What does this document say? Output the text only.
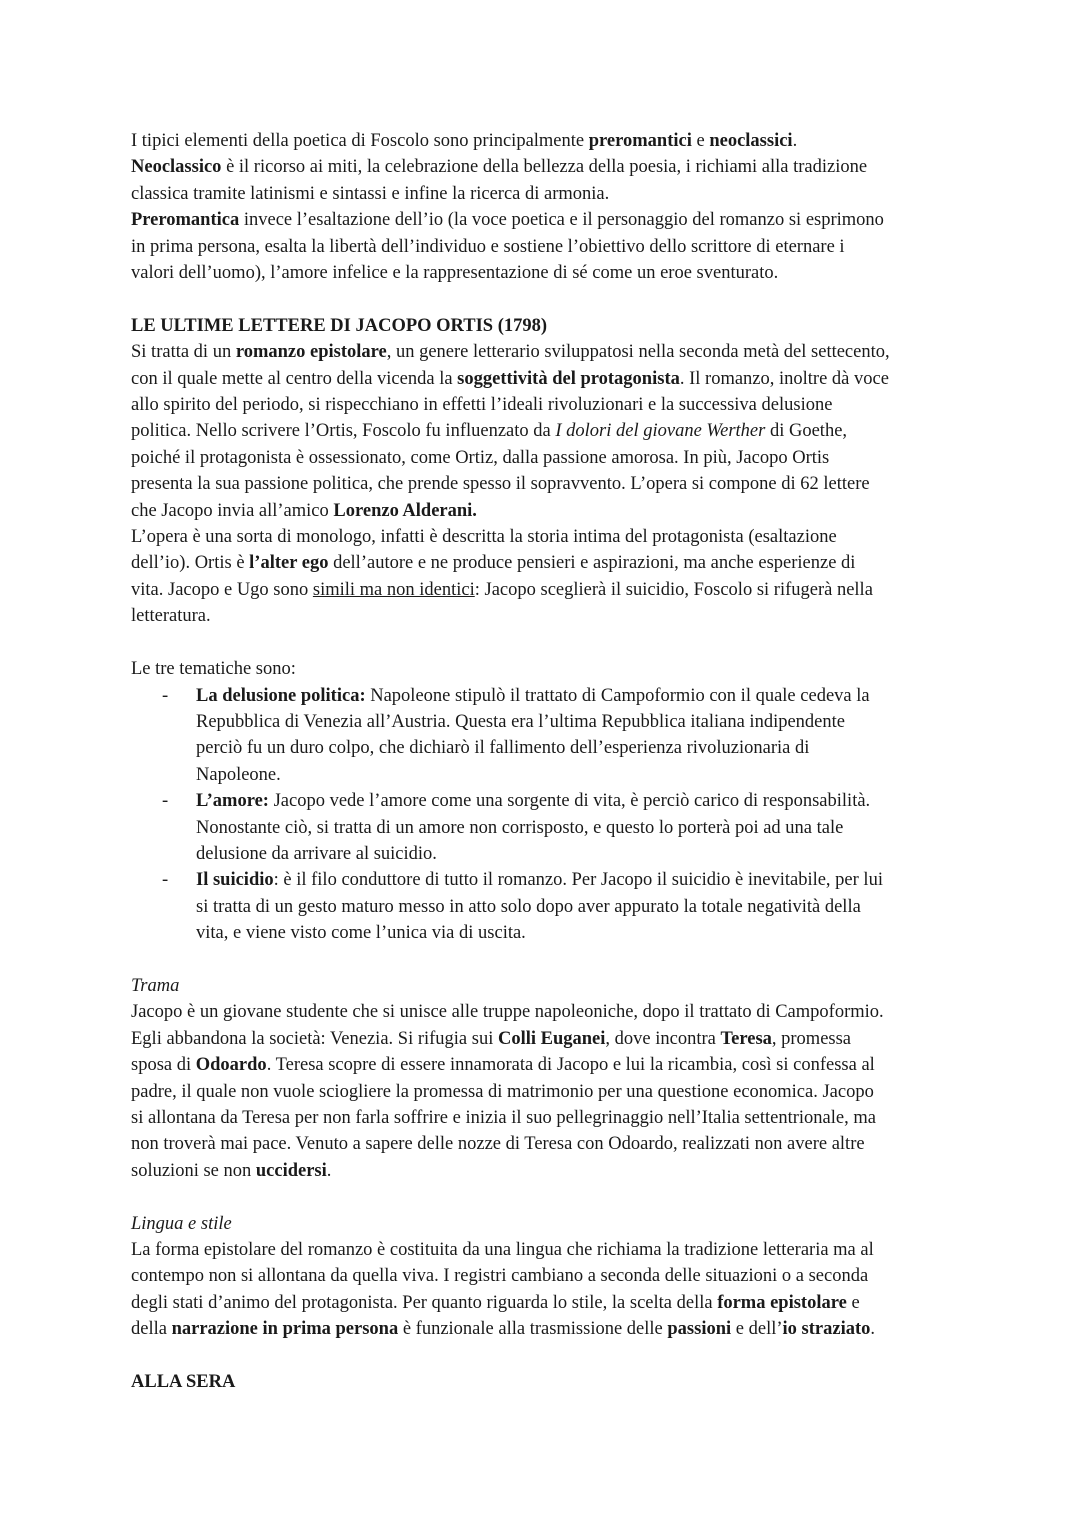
I tipici elementi della poetica di Foscolo sono principalmente preromantici e neoclassici.

Neoclassico è il ricorso ai miti, la celebrazione della bellezza della poesia, i richiami alla tradizione

classica tramite latinismi e sintassi e infine la ricerca di armonia.

Preromantica invece l’esaltazione dell’io (la voce poetica e il personaggio del romanzo si esprimono

in prima persona, esalta la libertà dell’individuo e sostiene l’obiettivo dello scrittore di eternare i

valori dell’uomo), l’amore infelice e la rappresentazione di sé come un eroe sventurato.

LE ULTIME LETTERE DI JACOPO ORTIS (1798)

Si tratta di un romanzo epistolare, un genere letterario sviluppatosi nella seconda metà del settecento,

con il quale mette al centro della vicenda la soggettività del protagonista. Il romanzo, inoltre dà voce

allo spirito del periodo, si rispecchiano in effetti l’ideali rivoluzionari e la successiva delusione

politica. Nello scrivere l’Ortis, Foscolo fu influenzato da I dolori del giovane Werther di Goethe,

poiché il protagonista è ossessionato, come Ortiz, dalla passione amorosa. In più, Jacopo Ortis

presenta la sua passione politica, che prende spesso il sopravvento. L’opera si compone di 62 lettere

che Jacopo invia all’amico Lorenzo Alderani.

L’opera è una sorta di monologo, infatti è descritta la storia intima del protagonista (esaltazione

dell’io). Ortis è l’alter ego dell’autore e ne produce pensieri e aspirazioni, ma anche esperienze di

vita. Jacopo e Ugo sono simili ma non identici: Jacopo sceglierà il suicidio, Foscolo si rifugerà nella

letteratura.

Le tre tematiche sono:

- La delusione politica: Napoleone stipulò il trattato di Campoformio con il quale cedeva la

Repubblica di Venezia all’Austria. Questa era l’ultima Repubblica italiana indipendente

perciò fu un duro colpo, che dichiarò il fallimento dell’esperienza rivoluzionaria di

Napoleone.

- L’amore: Jacopo vede l’amore come una sorgente di vita, è perciò carico di responsabilità.

Nonostante ciò, si tratta di un amore non corrisposto, e questo lo porterà poi ad una tale

delusione da arrivare al suicidio.

- Il suicidio: è il filo conduttore di tutto il romanzo. Per Jacopo il suicidio è inevitabile, per lui

si tratta di un gesto maturo messo in atto solo dopo aver appurato la totale negatività della

vita, e viene visto come l’unica via di uscita.

Trama

Jacopo è un giovane studente che si unisce alle truppe napoleoniche, dopo il trattato di Campoformio.

Egli abbandona la società: Venezia. Si rifugia sui Colli Euganei, dove incontra Teresa, promessa

sposa di Odoardo. Teresa scopre di essere innamorata di Jacopo e lui la ricambia, così si confessa al

padre, il quale non vuole sciogliere la promessa di matrimonio per una questione economica. Jacopo

si allontana da Teresa per non farla soffrire e inizia il suo pellegrinaggio nell’Italia settentrionale, ma

non troverà mai pace. Venuto a sapere delle nozze di Teresa con Odoardo, realizzati non avere altre

soluzioni se non uccidersi.

Lingua e stile

La forma epistolare del romanzo è costituita da una lingua che richiama la tradizione letteraria ma al

contempo non si allontana da quella viva. I registri cambiano a seconda delle situazioni o a seconda

degli stati d’animo del protagonista. Per quanto riguarda lo stile, la scelta della forma epistolare e

della narrazione in prima persona è funzionale alla trasmissione delle passioni e dell’io straziato.

ALLA SERA
